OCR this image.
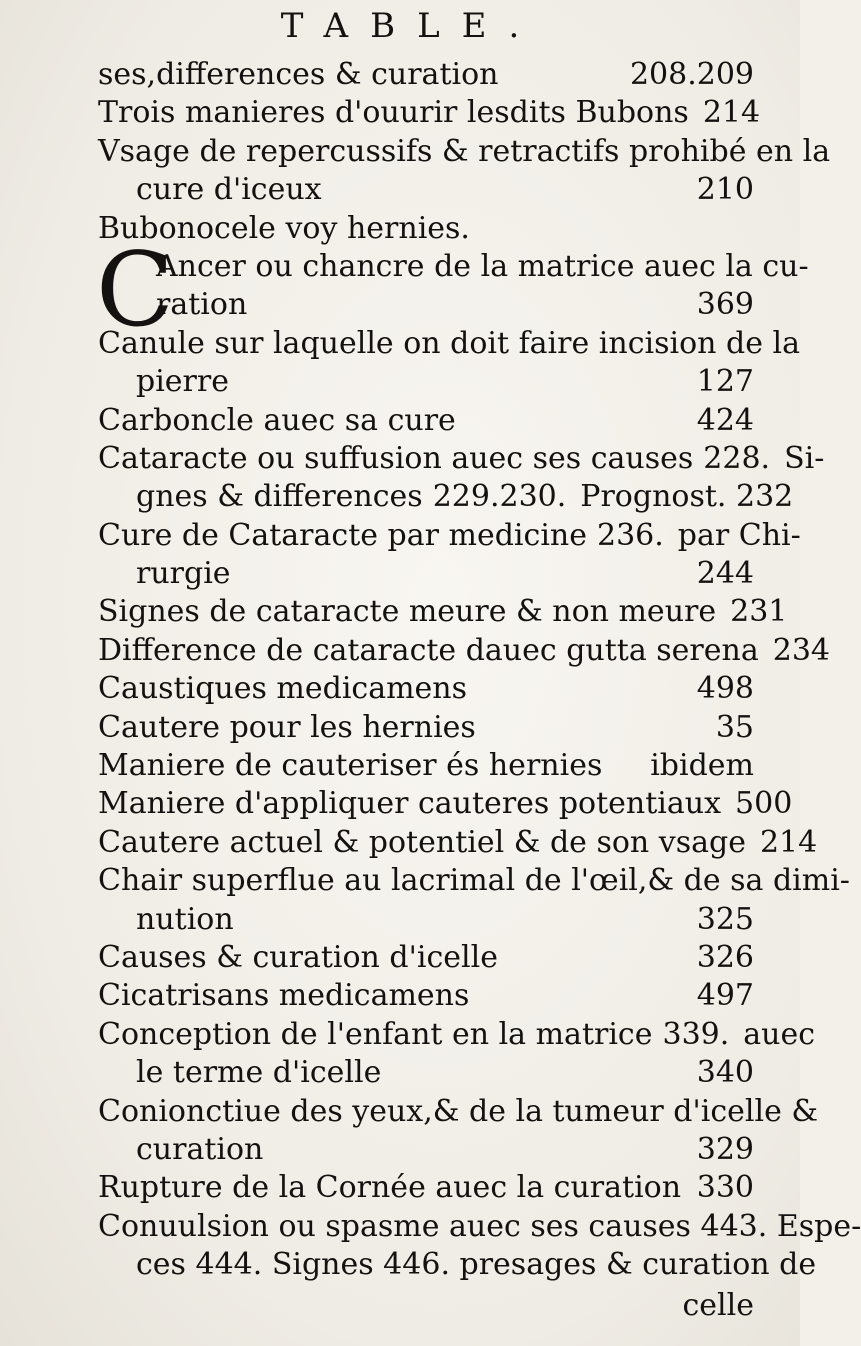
TABLE.
ses,differences & curation	208.209
Trois manieres d'ouurir lesdits Bubons 214
Vsage de repercussifs & retractifs prohibé en la
cure d'iceux	210
Bubonocele voy hernies.
C
Ancer ou chancre de la matrice auec la cu-
ration	369
Canule sur laquelle on doit faire incision de la
pierre	127
Carboncle auec sa cure	424
Cataracte ou suffusion auec ses causes 228. Si-
gnes & differences 229.230. Prognost. 232
Cure de Cataracte par medicine 236. par Chi-
rurgie	244
Signes de cataracte meure & non meure 231
Difference de cataracte dauec gutta serena 234
Caustiques medicamens	498
Cautere pour les hernies	35
Maniere de cauteriser és hernies ibidem
Maniere d'appliquer cauteres potentiaux 500
Cautere actuel & potentiel & de son vsage 214
Chair superflue au lacrimal de l'œil,& de sa dimi-
nution	325
Causes & curation d'icelle	326
Cicatrisans medicamens	497
Conception de l'enfant en la matrice 339. auec
le terme d'icelle	340
Conionctiue des yeux,& de la tumeur d'icelle &
curation	329
Rupture de la Cornée auec la curation 330
Conuulsion ou spasme auec ses causes 443. Espe-
ces 444. Signes 446. presages & curation de
celle
